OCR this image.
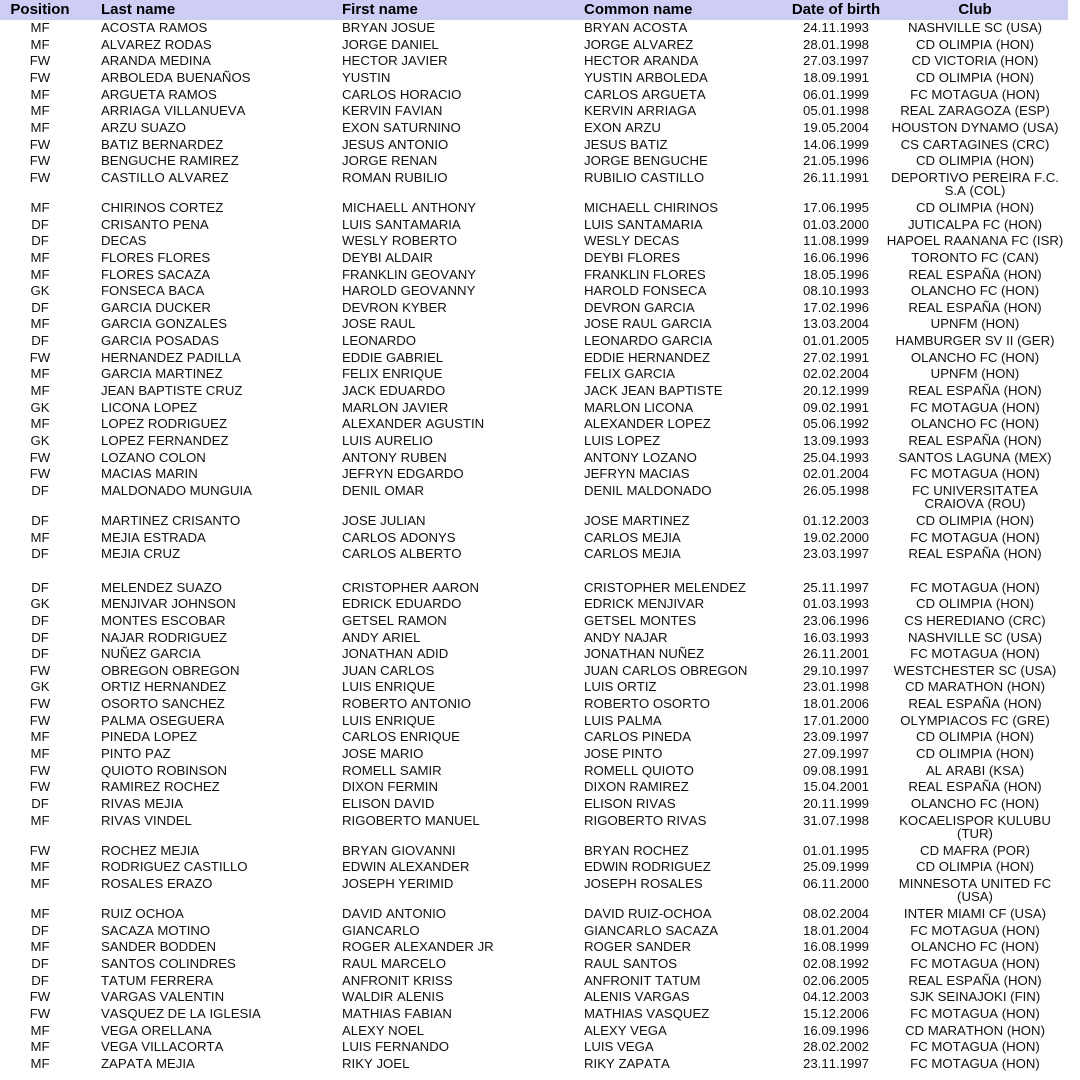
Position	Last name	First name	Common name	Date of birth	Club
MF	ACOSTA RAMOS	BRYAN JOSUE	BRYAN ACOSTA	24.11.1993	NASHVILLE SC (USA)
MF	ALVAREZ RODAS	JORGE DANIEL	JORGE ALVAREZ	28.01.1998	CD OLIMPIA (HON)
FW	ARANDA MEDINA	HECTOR JAVIER	HECTOR ARANDA	27.03.1997	CD VICTORIA (HON)
FW	ARBOLEDA BUENAÑOS	YUSTIN	YUSTIN ARBOLEDA	18.09.1991	CD OLIMPIA (HON)
MF	ARGUETA RAMOS	CARLOS HORACIO	CARLOS ARGUETA	06.01.1999	FC MOTAGUA (HON)
MF	ARRIAGA VILLANUEVA	KERVIN FAVIAN	KERVIN ARRIAGA	05.01.1998	REAL ZARAGOZA (ESP)
MF	ARZU SUAZO	EXON SATURNINO	EXON ARZU	19.05.2004	HOUSTON DYNAMO (USA)
FW	BATIZ BERNARDEZ	JESUS ANTONIO	JESUS BATIZ	14.06.1999	CS CARTAGINES (CRC)
FW	BENGUCHE RAMIREZ	JORGE RENAN	JORGE BENGUCHE	21.05.1996	CD OLIMPIA (HON)
FW	CASTILLO ALVAREZ	ROMAN RUBILIO	RUBILIO CASTILLO	26.11.1991	DEPORTIVO PEREIRA F.C. S.A (COL)
MF	CHIRINOS CORTEZ	MICHAELL ANTHONY	MICHAELL CHIRINOS	17.06.1995	CD OLIMPIA (HON)
DF	CRISANTO PENA	LUIS SANTAMARIA	LUIS SANTAMARIA	01.03.2000	JUTICALPA FC (HON)
DF	DECAS	WESLY ROBERTO	WESLY DECAS	11.08.1999	HAPOEL RAANANA FC (ISR)
MF	FLORES FLORES	DEYBI ALDAIR	DEYBI FLORES	16.06.1996	TORONTO FC (CAN)
MF	FLORES SACAZA	FRANKLIN GEOVANY	FRANKLIN FLORES	18.05.1996	REAL ESPAÑA (HON)
GK	FONSECA BACA	HAROLD GEOVANNY	HAROLD FONSECA	08.10.1993	OLANCHO FC (HON)
DF	GARCIA DUCKER	DEVRON KYBER	DEVRON GARCIA	17.02.1996	REAL ESPAÑA (HON)
MF	GARCIA GONZALES	JOSE RAUL	JOSE RAUL GARCIA	13.03.2004	UPNFM (HON)
DF	GARCIA POSADAS	LEONARDO	LEONARDO GARCIA	01.01.2005	HAMBURGER SV II (GER)
FW	HERNANDEZ PADILLA	EDDIE GABRIEL	EDDIE HERNANDEZ	27.02.1991	OLANCHO FC (HON)
MF	GARCIA MARTINEZ	FELIX ENRIQUE	FELIX GARCIA	02.02.2004	UPNFM (HON)
MF	JEAN BAPTISTE CRUZ	JACK EDUARDO	JACK JEAN BAPTISTE	20.12.1999	REAL ESPAÑA (HON)
GK	LICONA LOPEZ	MARLON JAVIER	MARLON LICONA	09.02.1991	FC MOTAGUA (HON)
MF	LOPEZ RODRIGUEZ	ALEXANDER AGUSTIN	ALEXANDER LOPEZ	05.06.1992	OLANCHO FC (HON)
GK	LOPEZ FERNANDEZ	LUIS AURELIO	LUIS LOPEZ	13.09.1993	REAL ESPAÑA (HON)
FW	LOZANO COLON	ANTONY RUBEN	ANTONY LOZANO	25.04.1993	SANTOS LAGUNA (MEX)
FW	MACIAS MARIN	JEFRYN EDGARDO	JEFRYN MACIAS	02.01.2004	FC MOTAGUA (HON)
DF	MALDONADO MUNGUIA	DENIL OMAR	DENIL MALDONADO	26.05.1998	FC UNIVERSITATEA CRAIOVA (ROU)
DF	MARTINEZ CRISANTO	JOSE JULIAN	JOSE MARTINEZ	01.12.2003	CD OLIMPIA (HON)
MF	MEJIA ESTRADA	CARLOS ADONYS	CARLOS MEJIA	19.02.2000	FC MOTAGUA (HON)
DF	MEJIA CRUZ	CARLOS ALBERTO	CARLOS MEJIA	23.03.1997	REAL ESPAÑA (HON)

DF	MELENDEZ SUAZO	CRISTOPHER AARON	CRISTOPHER MELENDEZ	25.11.1997	FC MOTAGUA (HON)
GK	MENJIVAR JOHNSON	EDRICK EDUARDO	EDRICK MENJIVAR	01.03.1993	CD OLIMPIA (HON)
DF	MONTES ESCOBAR	GETSEL RAMON	GETSEL MONTES	23.06.1996	CS HEREDIANO (CRC)
DF	NAJAR RODRIGUEZ	ANDY ARIEL	ANDY NAJAR	16.03.1993	NASHVILLE SC (USA)
DF	NUÑEZ GARCIA	JONATHAN ADID	JONATHAN NUÑEZ	26.11.2001	FC MOTAGUA (HON)
FW	OBREGON OBREGON	JUAN CARLOS	JUAN CARLOS OBREGON	29.10.1997	WESTCHESTER SC (USA)
GK	ORTIZ HERNANDEZ	LUIS ENRIQUE	LUIS ORTIZ	23.01.1998	CD MARATHON (HON)
FW	OSORTO SANCHEZ	ROBERTO ANTONIO	ROBERTO OSORTO	18.01.2006	REAL ESPAÑA (HON)
FW	PALMA OSEGUERA	LUIS ENRIQUE	LUIS PALMA	17.01.2000	OLYMPIACOS FC (GRE)
MF	PINEDA LOPEZ	CARLOS ENRIQUE	CARLOS PINEDA	23.09.1997	CD OLIMPIA (HON)
MF	PINTO PAZ	JOSE MARIO	JOSE PINTO	27.09.1997	CD OLIMPIA (HON)
FW	QUIOTO ROBINSON	ROMELL SAMIR	ROMELL QUIOTO	09.08.1991	AL ARABI (KSA)
FW	RAMIREZ ROCHEZ	DIXON FERMIN	DIXON RAMIREZ	15.04.2001	REAL ESPAÑA (HON)
DF	RIVAS MEJIA	ELISON DAVID	ELISON RIVAS	20.11.1999	OLANCHO FC (HON)
MF	RIVAS VINDEL	RIGOBERTO MANUEL	RIGOBERTO RIVAS	31.07.1998	KOCAELISPOR KULUBU (TUR)
FW	ROCHEZ MEJIA	BRYAN GIOVANNI	BRYAN ROCHEZ	01.01.1995	CD MAFRA (POR)
MF	RODRIGUEZ CASTILLO	EDWIN ALEXANDER	EDWIN RODRIGUEZ	25.09.1999	CD OLIMPIA (HON)
MF	ROSALES ERAZO	JOSEPH YERIMID	JOSEPH ROSALES	06.11.2000	MINNESOTA UNITED FC (USA)
MF	RUIZ OCHOA	DAVID ANTONIO	DAVID RUIZ-OCHOA	08.02.2004	INTER MIAMI CF (USA)
DF	SACAZA MOTINO	GIANCARLO	GIANCARLO SACAZA	18.01.2004	FC MOTAGUA (HON)
MF	SANDER BODDEN	ROGER ALEXANDER JR	ROGER SANDER	16.08.1999	OLANCHO FC (HON)
DF	SANTOS COLINDRES	RAUL MARCELO	RAUL SANTOS	02.08.1992	FC MOTAGUA (HON)
DF	TATUM FERRERA	ANFRONIT KRISS	ANFRONIT TATUM	02.06.2005	REAL ESPAÑA (HON)
FW	VARGAS VALENTIN	WALDIR ALENIS	ALENIS VARGAS	04.12.2003	SJK SEINAJOKI (FIN)
FW	VASQUEZ DE LA IGLESIA	MATHIAS FABIAN	MATHIAS VASQUEZ	15.12.2006	FC MOTAGUA (HON)
MF	VEGA ORELLANA	ALEXY NOEL	ALEXY VEGA	16.09.1996	CD MARATHON (HON)
MF	VEGA VILLACORTA	LUIS FERNANDO	LUIS VEGA	28.02.2002	FC MOTAGUA (HON)
MF	ZAPATA MEJIA	RIKY JOEL	RIKY ZAPATA	23.11.1997	FC MOTAGUA (HON)
